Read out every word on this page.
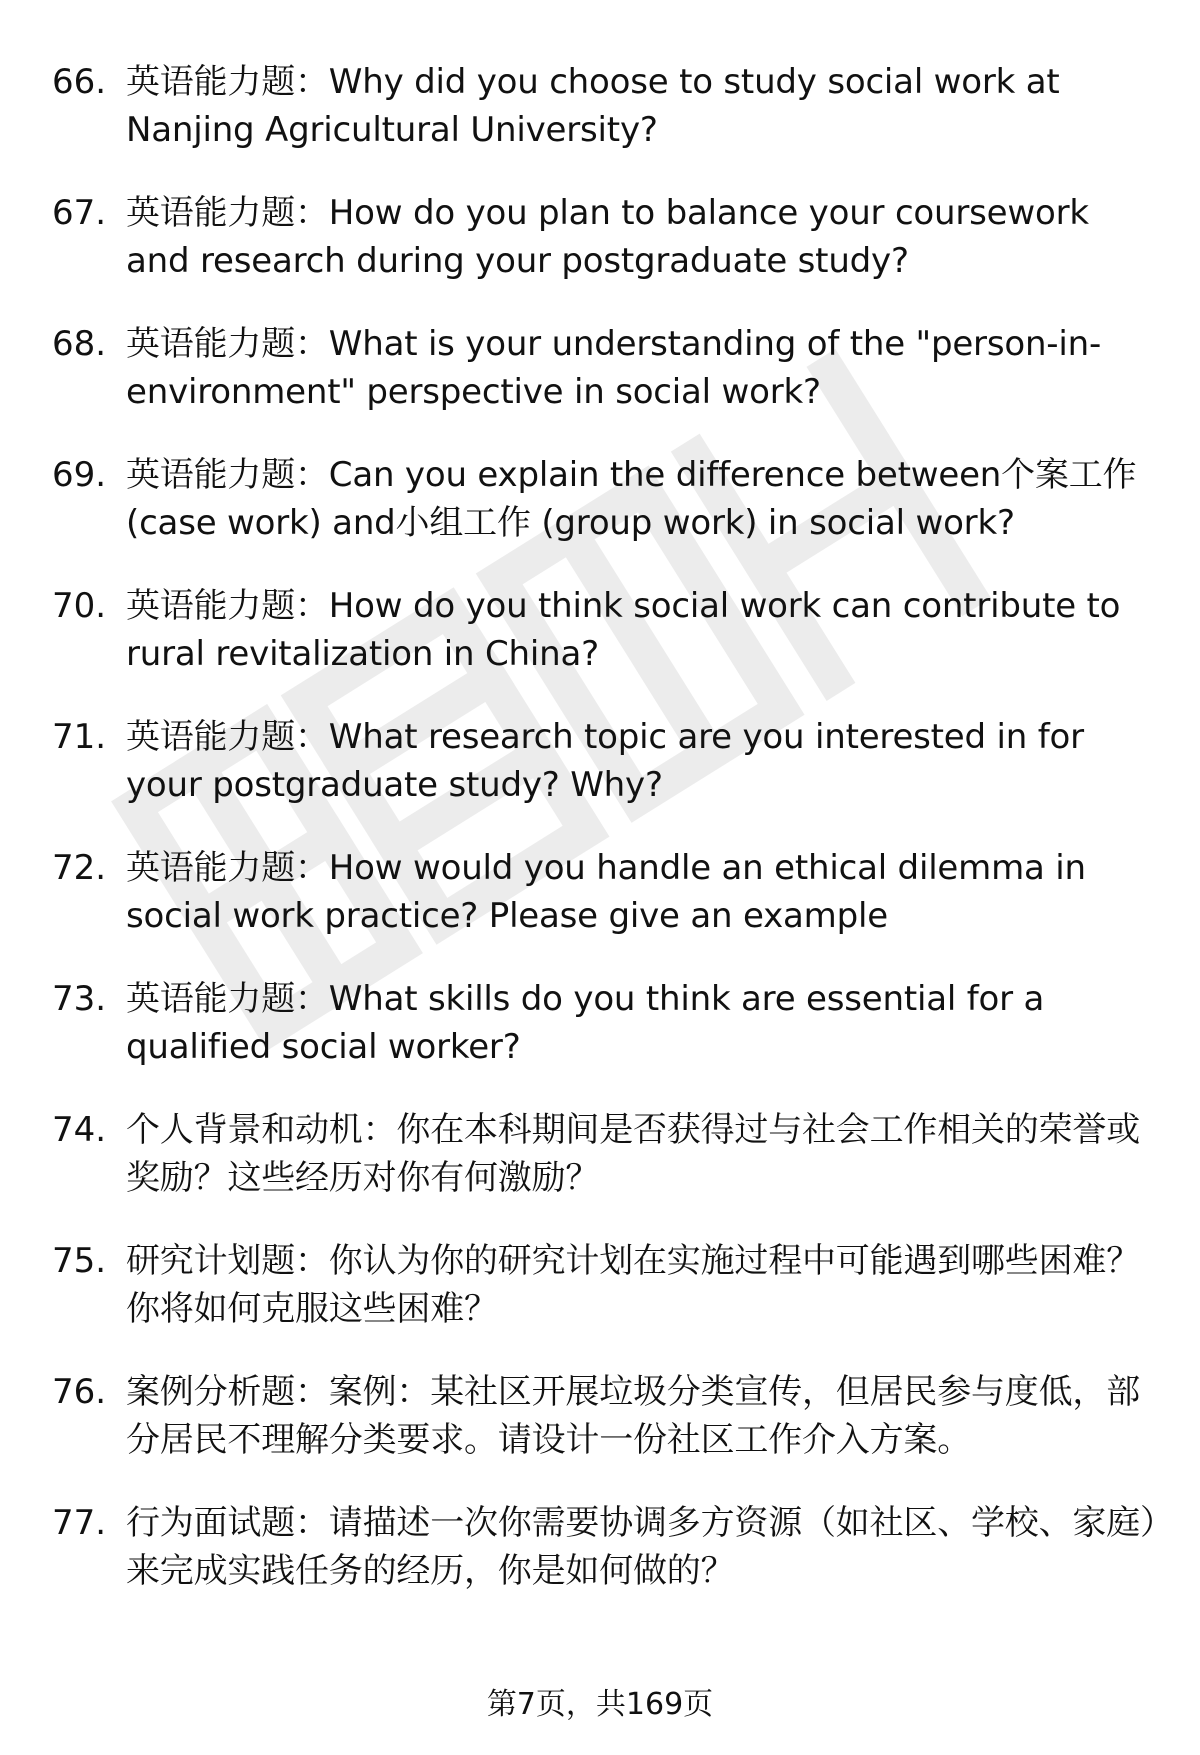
66. 英语能力题：Why did you choose to study social work at Nanjing Agricultural University?
67. 英语能力题：How do you plan to balance your coursework and research during your postgraduate study?
68. 英语能力题：What is your understanding of the "person-in-environment" perspective in social work?
69. 英语能力题：Can you explain the difference between个案工作 (case work) and小组工作 (group work) in social work?
70. 英语能力题：How do you think social work can contribute to rural revitalization in China?
71. 英语能力题：What research topic are you interested in for your postgraduate study? Why?
72. 英语能力题：How would you handle an ethical dilemma in social work practice? Please give an example
73. 英语能力题：What skills do you think are essential for a qualified social worker?
74. 个人背景和动机：你在本科期间是否获得过与社会工作相关的荣誉或奖励？这些经历对你有何激励？
75. 研究计划题：你认为你的研究计划在实施过程中可能遇到哪些困难？你将如何克服这些困难？
76. 案例分析题：案例：某社区开展垃圾分类宣传，但居民参与度低，部分居民不理解分类要求。请设计一份社区工作介入方案。
77. 行为面试题：请描述一次你需要协调多方资源（如社区、学校、家庭）来完成实践任务的经历，你是如何做的？
第7页，共169页
